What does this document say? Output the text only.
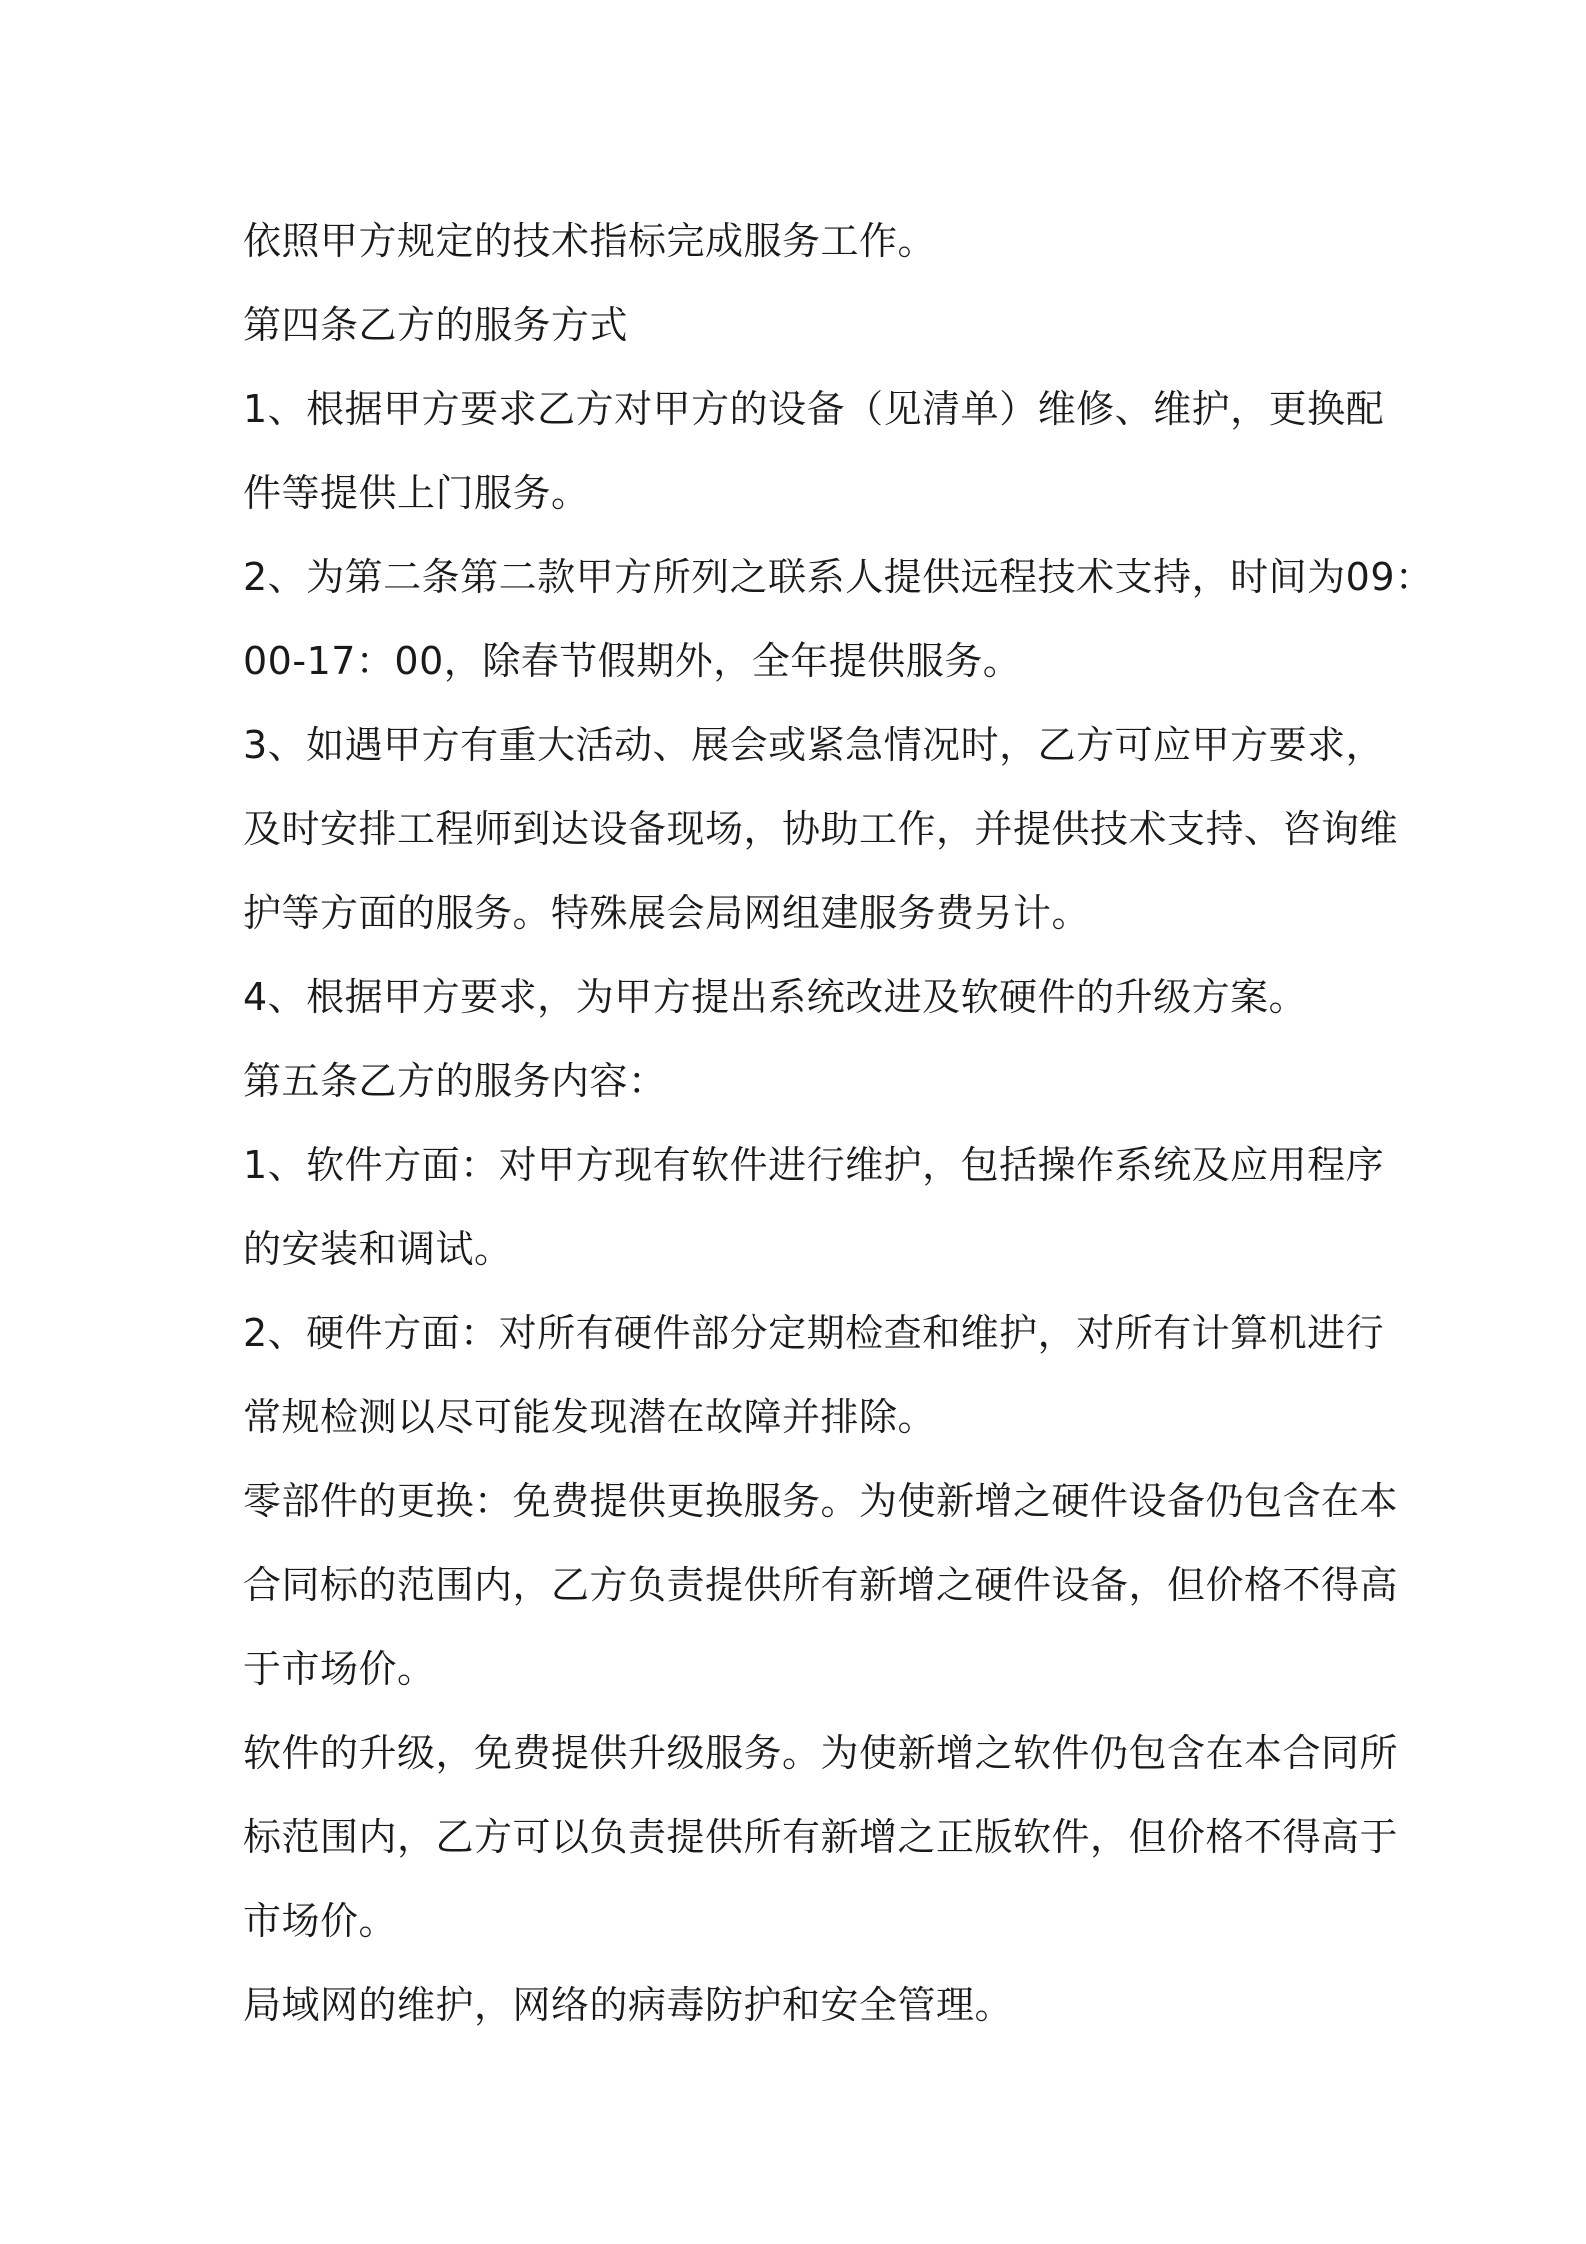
依照甲方规定的技术指标完成服务工作。
第四条乙方的服务方式
1、根据甲方要求乙方对甲方的设备（见清单）维修、维护，更换配
件等提供上门服务。
2、为第二条第二款甲方所列之联系人提供远程技术支持，时间为09：
00-17：00，除春节假期外，全年提供服务。
3、如遇甲方有重大活动、展会或紧急情况时，乙方可应甲方要求，
及时安排工程师到达设备现场，协助工作，并提供技术支持、咨询维
护等方面的服务。特殊展会局网组建服务费另计。
4、根据甲方要求，为甲方提出系统改进及软硬件的升级方案。
第五条乙方的服务内容：
1、软件方面：对甲方现有软件进行维护，包括操作系统及应用程序
的安装和调试。
2、硬件方面：对所有硬件部分定期检查和维护，对所有计算机进行
常规检测以尽可能发现潜在故障并排除。
零部件的更换：免费提供更换服务。为使新增之硬件设备仍包含在本
合同标的范围内，乙方负责提供所有新增之硬件设备，但价格不得高
于市场价。
软件的升级，免费提供升级服务。为使新增之软件仍包含在本合同所
标范围内，乙方可以负责提供所有新增之正版软件，但价格不得高于
市场价。
局域网的维护，网络的病毒防护和安全管理。
